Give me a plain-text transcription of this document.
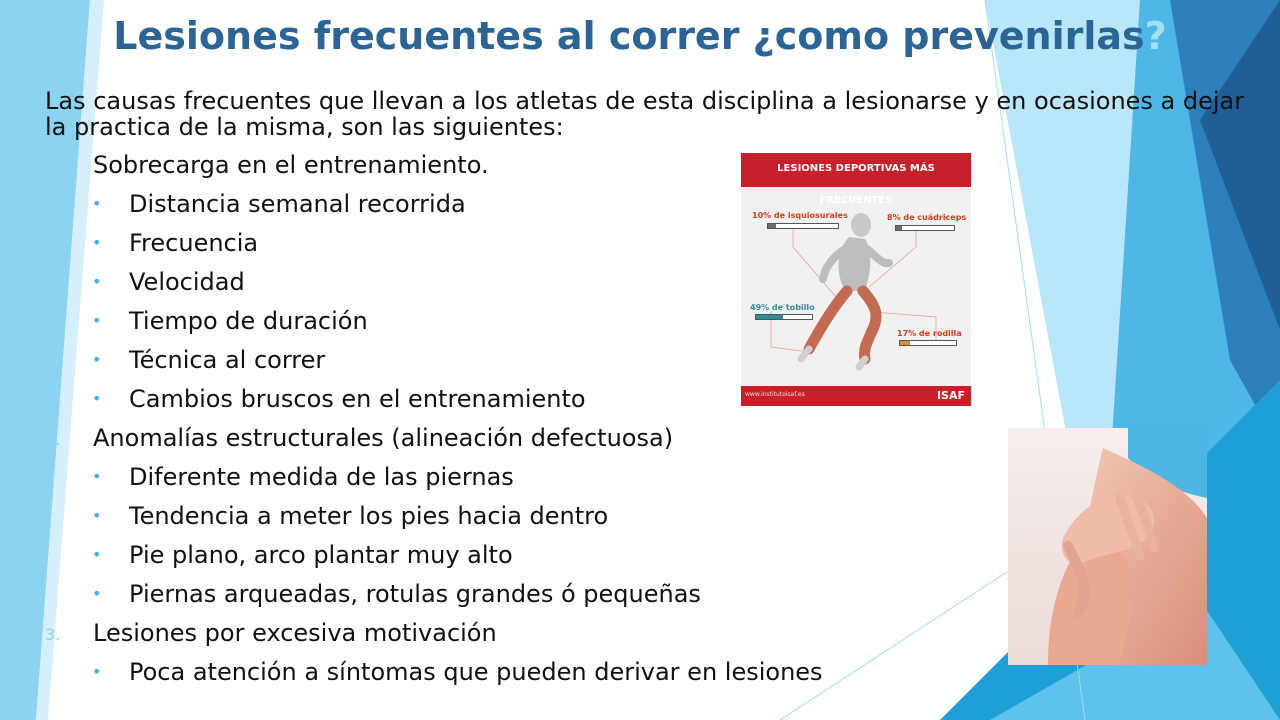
Lesiones frecuentes al correr ¿como prevenirlas?

Las causas frecuentes que llevan a los atletas de esta disciplina a lesionarse y en ocasiones a dejar la practica de la misma, son las siguientes:

1. Sobrecarga en el entrenamiento.
• Distancia semanal recorrida
• Frecuencia
• Velocidad
• Tiempo de duración
• Técnica al correr
• Cambios bruscos en el entrenamiento
2. Anomalías estructurales (alineación defectuosa)
• Diferente medida de las piernas
• Tendencia a meter los pies hacia dentro
• Pie plano, arco plantar muy alto
• Piernas arqueadas, rotulas grandes ó pequeñas
3. Lesiones por excesiva motivación
• Poca atención a síntomas que pueden derivar en lesiones
LESIONES DEPORTIVAS MÁS FRECUENTES
10% de isquiosurales	8% de cuádriceps
49% de tobillo
17% de rodilla
www.institutoisaf.es	ISAF
